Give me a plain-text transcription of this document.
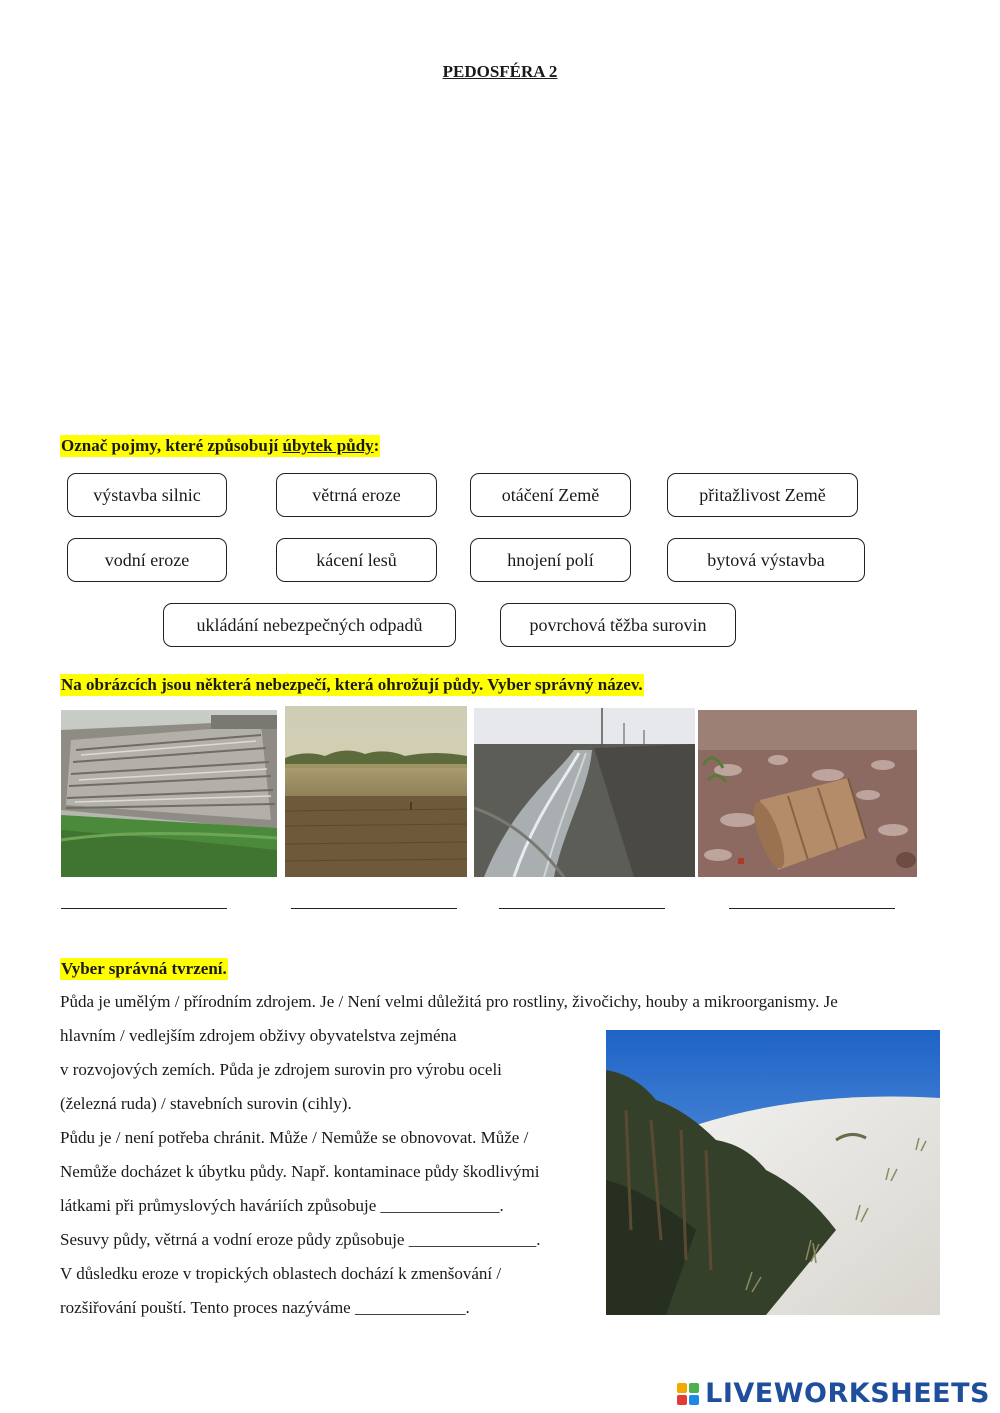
PEDOSFÉRA 2
Označ pojmy, které způsobují úbytek půdy:
výstavba silnic	větrná eroze	otáčení Země	přitažlivost Země
vodní eroze	kácení lesů	hnojení polí	bytová výstavba
ukládání nebezpečných odpadů	povrchová těžba surovin
Na obrázcích jsou některá nebezpečí, která ohrožují půdy. Vyber správný název.
Vyber správná tvrzení.
Půda je umělým / přírodním zdrojem. Je / Není velmi důležitá pro rostliny, živočichy, houby a mikroorganismy. Je
hlavním / vedlejším zdrojem obživy obyvatelstva zejména
v rozvojových zemích. Půda je zdrojem surovin pro výrobu oceli
(železná ruda) / stavebních surovin (cihly).
Půdu je / není potřeba chránit. Může / Nemůže se obnovovat. Může /
Nemůže docházet k úbytku půdy. Např. kontaminace půdy škodlivými
látkami při průmyslových haváriích způsobuje ______________.
Sesuvy půdy, větrná a vodní eroze půdy způsobuje _______________.
V důsledku eroze v tropických oblastech dochází k zmenšování /
rozšiřování pouští. Tento proces nazýváme _____________.
LIVEWORKSHEETS
